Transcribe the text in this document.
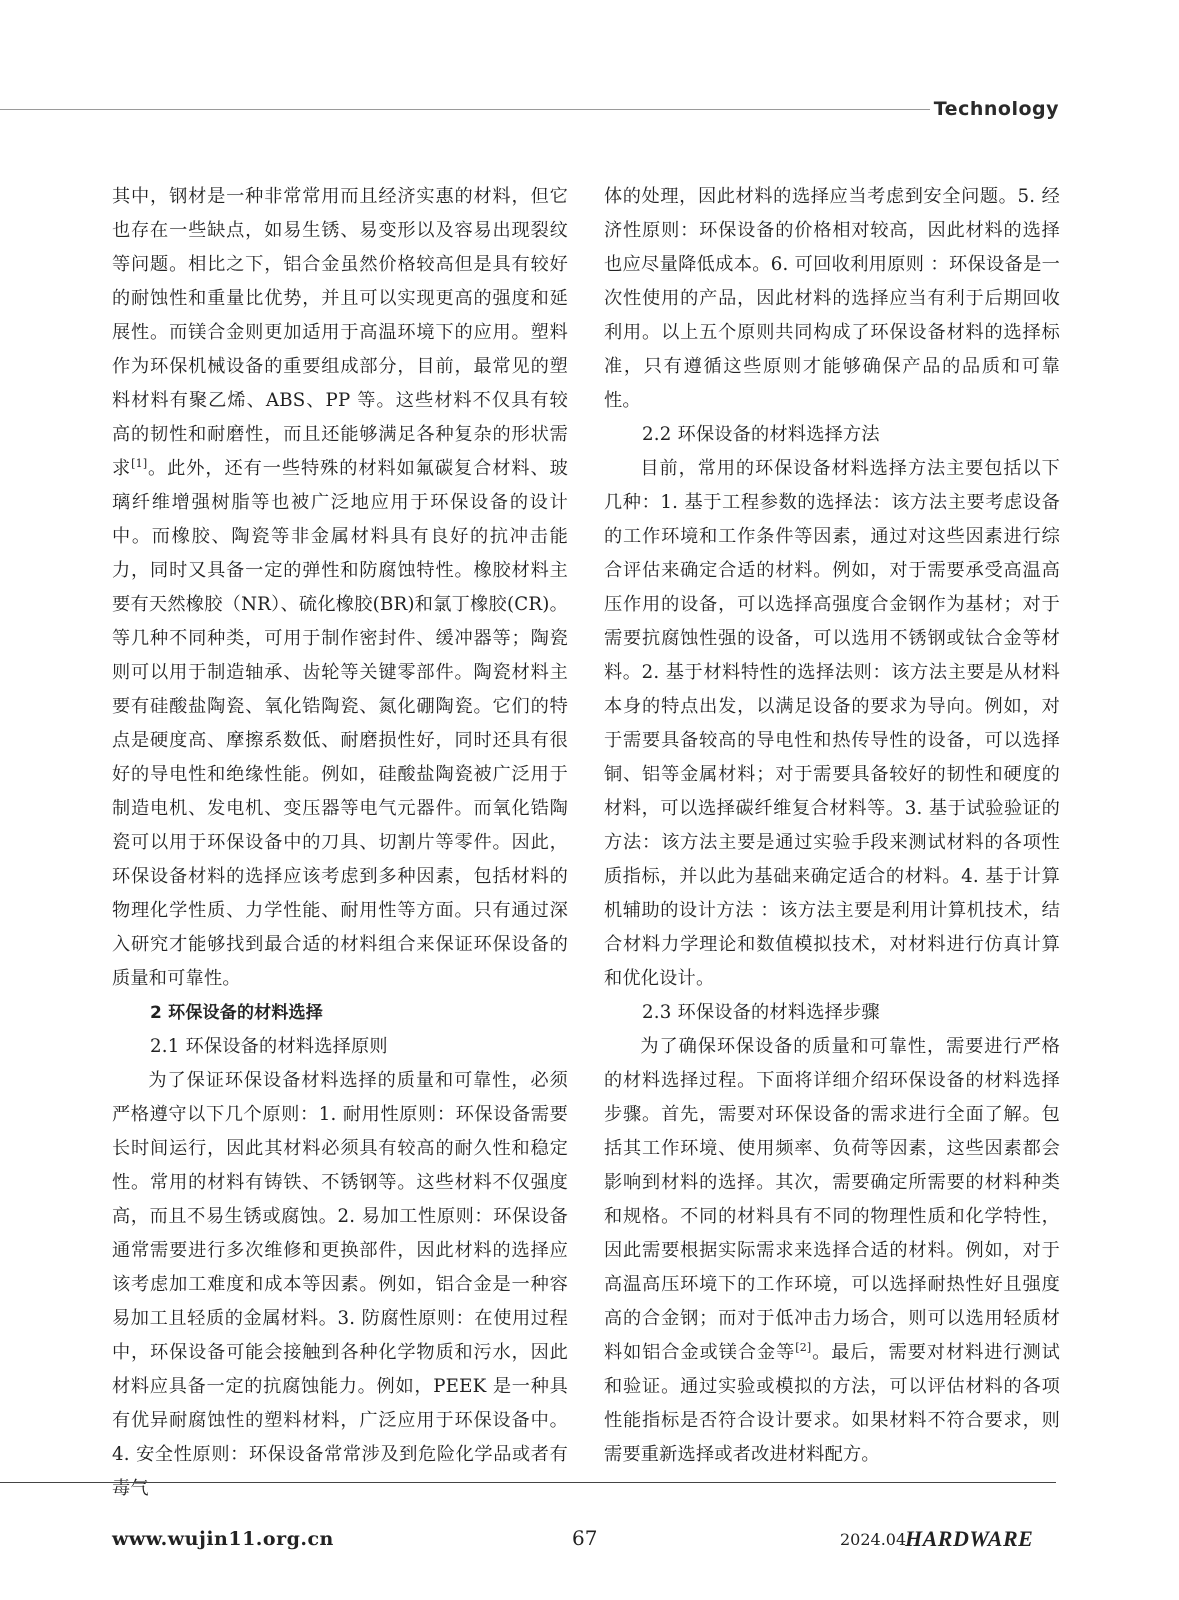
Technology

其中，钢材是一种非常常用而且经济实惠的材料，但它也存在一些缺点，如易生锈、易变形以及容易出现裂纹等问题。相比之下，铝合金虽然价格较高但是具有较好的耐蚀性和重量比优势，并且可以实现更高的强度和延展性。而镁合金则更加适用于高温环境下的应用。塑料作为环保机械设备的重要组成部分，目前，最常见的塑料材料有聚乙烯、ABS、PP 等。这些材料不仅具有较高的韧性和耐磨性，而且还能够满足各种复杂的形状需求[1]。此外，还有一些特殊的材料如氟碳复合材料、玻璃纤维增强树脂等也被广泛地应用于环保设备的设计中。而橡胶、陶瓷等非金属材料具有良好的抗冲击能力，同时又具备一定的弹性和防腐蚀特性。橡胶材料主要有天然橡胶（NR）、硫化橡胶(BR)和氯丁橡胶(CR)。等几种不同种类，可用于制作密封件、缓冲器等；陶瓷则可以用于制造轴承、齿轮等关键零部件。陶瓷材料主要有硅酸盐陶瓷、氧化锆陶瓷、氮化硼陶瓷。它们的特点是硬度高、摩擦系数低、耐磨损性好，同时还具有很好的导电性和绝缘性能。例如，硅酸盐陶瓷被广泛用于制造电机、发电机、变压器等电气元器件。而氧化锆陶瓷可以用于环保设备中的刀具、切割片等零件。因此，环保设备材料的选择应该考虑到多种因素，包括材料的物理化学性质、力学性能、耐用性等方面。只有通过深入研究才能够找到最合适的材料组合来保证环保设备的质量和可靠性。

2 环保设备的材料选择

2.1 环保设备的材料选择原则

为了保证环保设备材料选择的质量和可靠性，必须严格遵守以下几个原则：1. 耐用性原则：环保设备需要长时间运行，因此其材料必须具有较高的耐久性和稳定性。常用的材料有铸铁、不锈钢等。这些材料不仅强度高，而且不易生锈或腐蚀。2. 易加工性原则：环保设备通常需要进行多次维修和更换部件，因此材料的选择应该考虑加工难度和成本等因素。例如，铝合金是一种容易加工且轻质的金属材料。3. 防腐性原则：在使用过程中，环保设备可能会接触到各种化学物质和污水，因此材料应具备一定的抗腐蚀能力。例如，PEEK 是一种具有优异耐腐蚀性的塑料材料，广泛应用于环保设备中。4. 安全性原则：环保设备常常涉及到危险化学品或者有毒气

体的处理，因此材料的选择应当考虑到安全问题。5. 经济性原则：环保设备的价格相对较高，因此材料的选择也应尽量降低成本。6. 可回收利用原则 ：环保设备是一次性使用的产品，因此材料的选择应当有利于后期回收利用。以上五个原则共同构成了环保设备材料的选择标准，只有遵循这些原则才能够确保产品的品质和可靠性。

2.2 环保设备的材料选择方法

目前，常用的环保设备材料选择方法主要包括以下几种：1. 基于工程参数的选择法：该方法主要考虑设备的工作环境和工作条件等因素，通过对这些因素进行综合评估来确定合适的材料。例如，对于需要承受高温高压作用的设备，可以选择高强度合金钢作为基材；对于需要抗腐蚀性强的设备，可以选用不锈钢或钛合金等材料。2. 基于材料特性的选择法则：该方法主要是从材料本身的特点出发，以满足设备的要求为导向。例如，对于需要具备较高的导电性和热传导性的设备，可以选择铜、铝等金属材料；对于需要具备较好的韧性和硬度的材料，可以选择碳纤维复合材料等。3. 基于试验验证的方法：该方法主要是通过实验手段来测试材料的各项性质指标，并以此为基础来确定适合的材料。4. 基于计算机辅助的设计方法 ：该方法主要是利用计算机技术，结合材料力学理论和数值模拟技术，对材料进行仿真计算和优化设计。

2.3 环保设备的材料选择步骤

为了确保环保设备的质量和可靠性，需要进行严格的材料选择过程。下面将详细介绍环保设备的材料选择步骤。首先，需要对环保设备的需求进行全面了解。包括其工作环境、使用频率、负荷等因素，这些因素都会影响到材料的选择。其次，需要确定所需要的材料种类和规格。不同的材料具有不同的物理性质和化学特性，因此需要根据实际需求来选择合适的材料。例如，对于高温高压环境下的工作环境，可以选择耐热性好且强度高的合金钢；而对于低冲击力场合，则可以选用轻质材料如铝合金或镁合金等[2]。最后，需要对材料进行测试和验证。通过实验或模拟的方法，可以评估材料的各项性能指标是否符合设计要求。如果材料不符合要求，则需要重新选择或者改进材料配方。

www.wujin11.org.cn	67	2024.04
HARDWARE
